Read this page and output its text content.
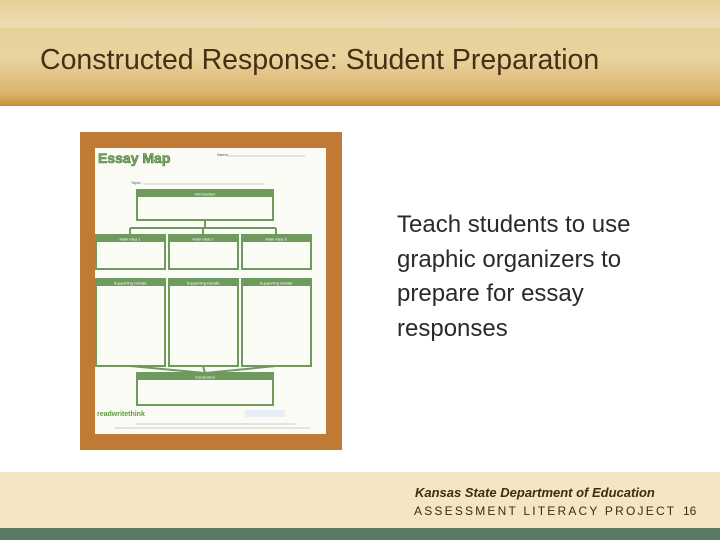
Constructed Response: Student Preparation
Essay Map	Name:
Topic:
Introduction
Main Idea 1	Main Idea 2	Main Idea 3
Supporting Details	Supporting Details	Supporting Details
Conclusion
readwritethink

Teach students to use graphic organizers to prepare for essay responses

Kansas State Department of Education
ASSESSMENT LITERACY PROJECT 16
